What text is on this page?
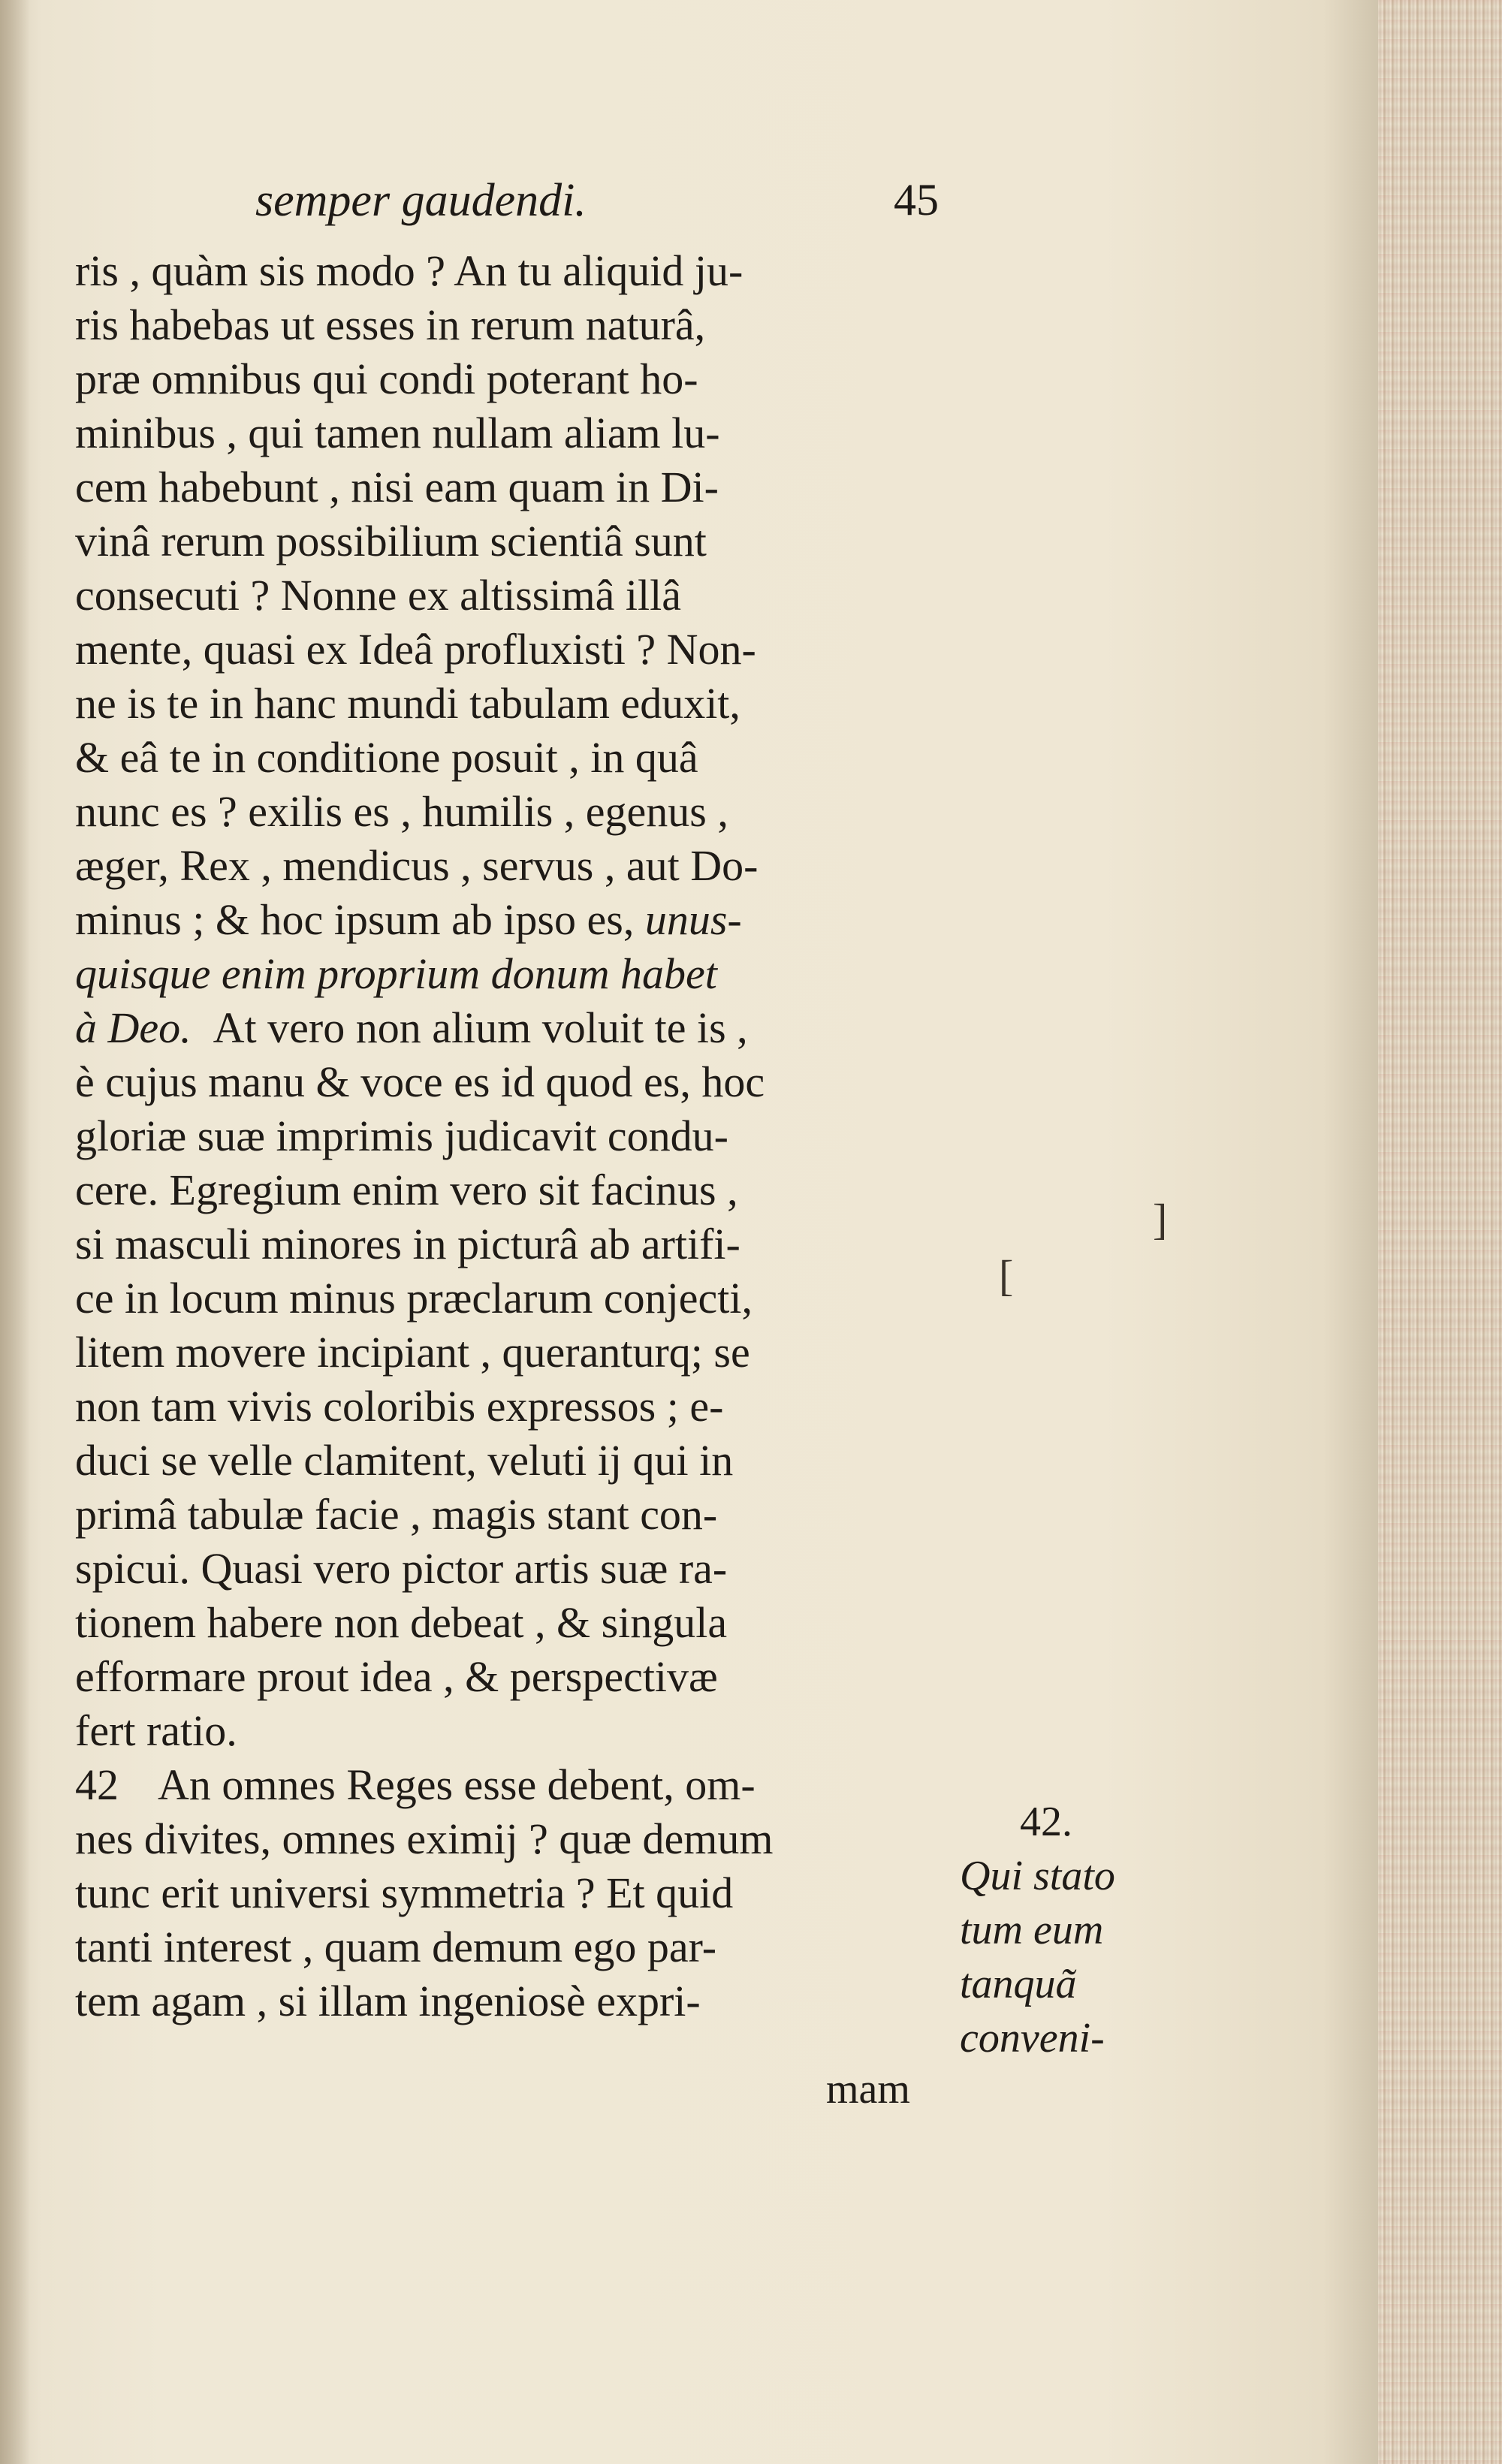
semper gaudendi.	45
ris , quàm sis modo ? An tu aliquid ju-
ris habebas ut esses in rerum naturâ,
præ omnibus qui condi poterant ho-
minibus , qui tamen nullam aliam lu-
cem habebunt , nisi eam quam in Di-
vinâ rerum possibilium scientiâ sunt
consecuti ? Nonne ex altissimâ illâ
mente, quasi ex Ideâ profluxisti ? Non-
ne is te in hanc mundi tabulam eduxit,
& eâ te in conditione posuit , in quâ
nunc es ? exilis es , humilis , egenus ,
æger, Rex , mendicus , servus , aut Do-
minus ; & hoc ipsum ab ipso es,
unus-
quisque enim proprium donum habet
à Deo.
At vero non alium voluit te is ,
è cujus manu & voce es id quod es, hoc
gloriæ suæ imprimis judicavit condu-
cere. Egregium enim vero sit facinus ,
si masculi minores in picturâ ab artifi-
ce in locum minus præclarum conjecti,
litem movere incipiant , queranturq; se
non tam vivis coloribis expressos ; e-
duci se velle clamitent, veluti ij qui in
primâ tabulæ facie , magis stant con-
spicui. Quasi vero pictor artis suæ ra-
tionem habere non debeat , & singula
efformare prout idea , & perspectivæ
fert ratio.
42 An omnes Reges esse debent, om-
nes divites, omnes eximij ? quæ demum
tunc erit universi symmetria ? Et quid
tanti interest , quam demum ego par-
tem agam , si illam ingeniosè expri-
mam
42.
Qui stato
tum eum
tanquã
conveni-
]
[
